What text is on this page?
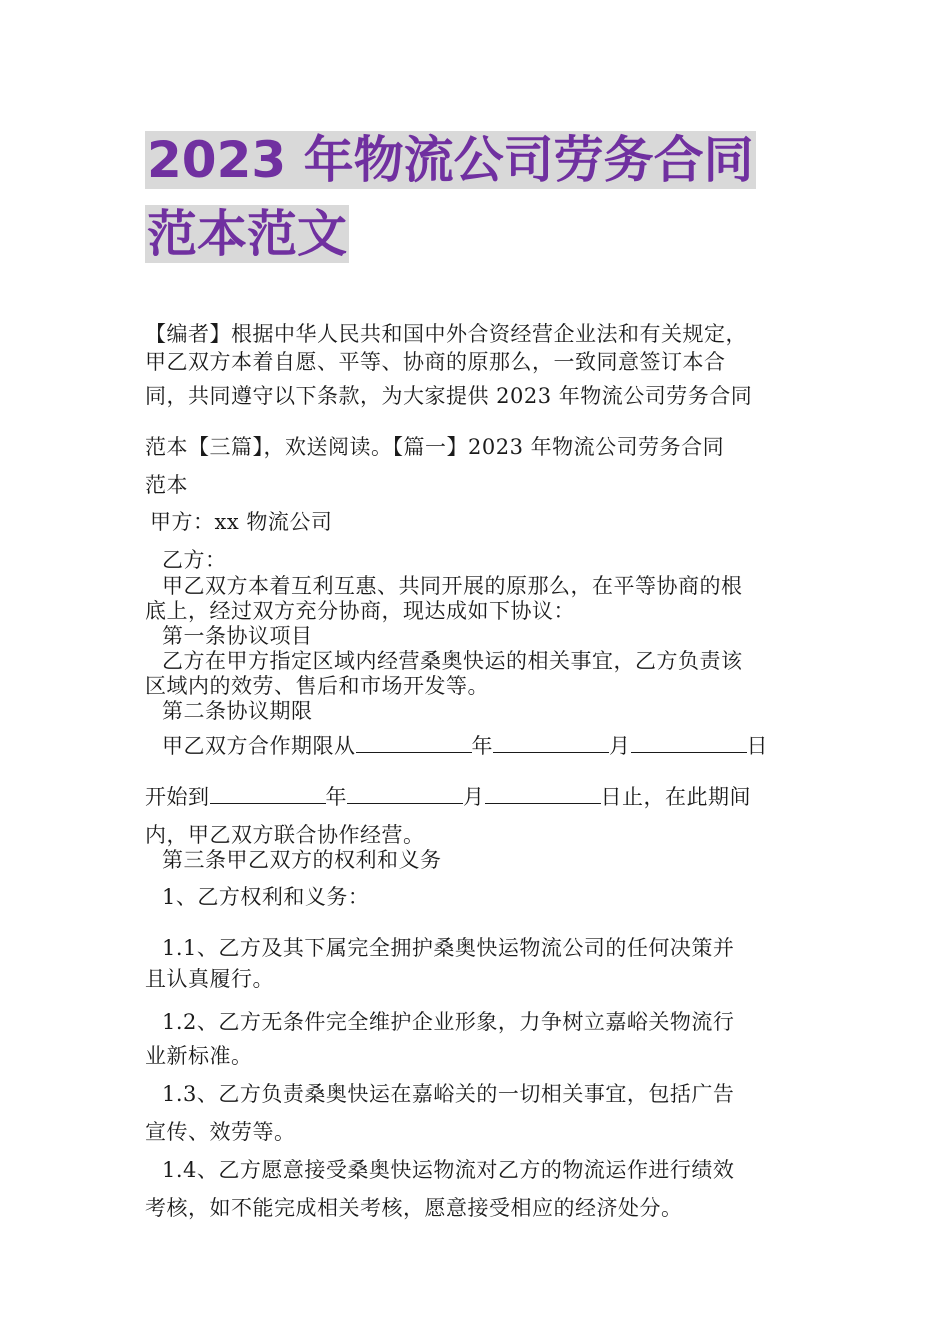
2023 年物流公司劳务合同
范本范文
【编者】根据中华人民共和国中外合资经营企业法和有关规定，
甲乙双方本着自愿、平等、协商的原那么，一致同意签订本合
同，共同遵守以下条款，为大家提供 2023 年物流公司劳务合同
范本【三篇】，欢送阅读。【篇一】2023 年物流公司劳务合同
范本
甲方：xx 物流公司
乙方：
甲乙双方本着互利互惠、共同开展的原那么，在平等协商的根
底上，经过双方充分协商，现达成如下协议：
第一条协议项目
乙方在甲方指定区域内经营桑奥快运的相关事宜，乙方负责该
区域内的效劳、售后和市场开发等。
第二条协议期限
甲乙双方合作期限从	年	月	日
开始到	年	月	日止，在此期间
内，甲乙双方联合协作经营。
第三条甲乙双方的权利和义务
1、乙方权利和义务：
1.1、乙方及其下属完全拥护桑奥快运物流公司的任何决策并
且认真履行。
1.2、乙方无条件完全维护企业形象，力争树立嘉峪关物流行
业新标准。
1.3、乙方负责桑奥快运在嘉峪关的一切相关事宜，包括广告
宣传、效劳等。
1.4、乙方愿意接受桑奥快运物流对乙方的物流运作进行绩效
考核，如不能完成相关考核，愿意接受相应的经济处分。
